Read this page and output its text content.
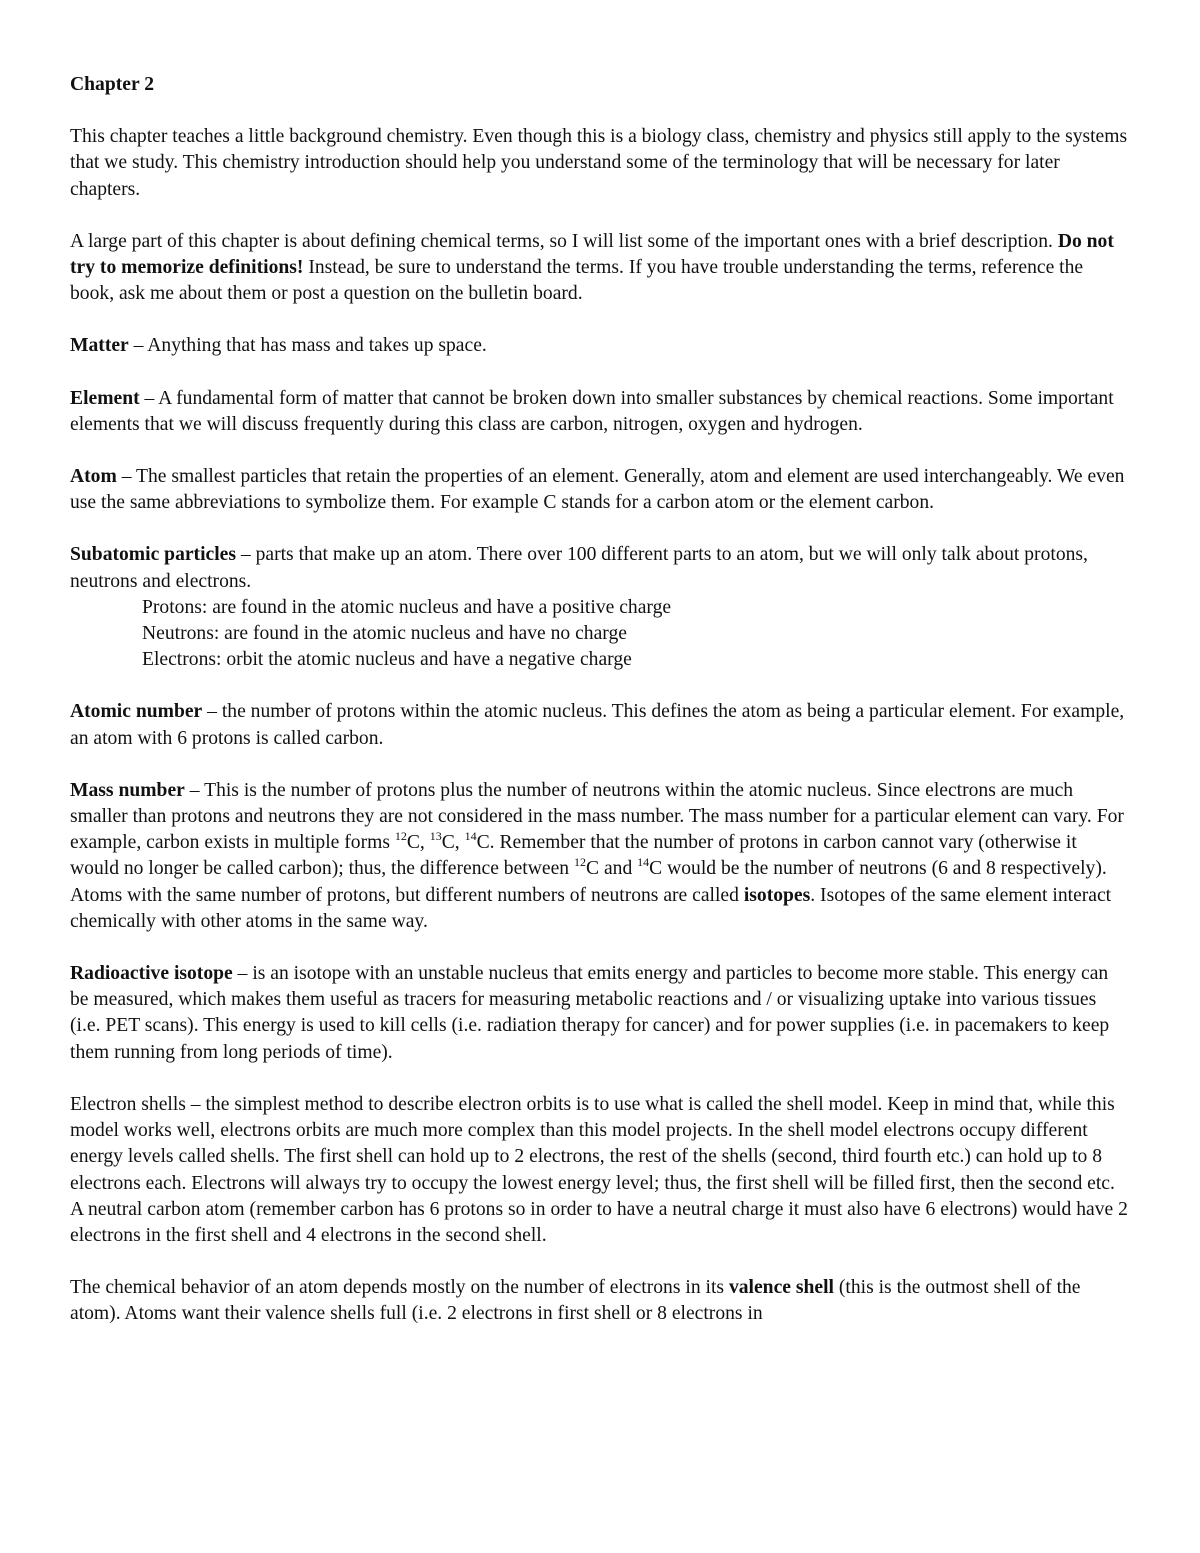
Chapter 2

This chapter teaches a little background chemistry. Even though this is a biology class, chemistry and physics still apply to the systems that we study. This chemistry introduction should help you understand some of the terminology that will be necessary for later chapters.

A large part of this chapter is about defining chemical terms, so I will list some of the important ones with a brief description. Do not try to memorize definitions! Instead, be sure to understand the terms. If you have trouble understanding the terms, reference the book, ask me about them or post a question on the bulletin board.

Matter – Anything that has mass and takes up space.

Element – A fundamental form of matter that cannot be broken down into smaller substances by chemical reactions. Some important elements that we will discuss frequently during this class are carbon, nitrogen, oxygen and hydrogen.

Atom – The smallest particles that retain the properties of an element. Generally, atom and element are used interchangeably. We even use the same abbreviations to symbolize them. For example C stands for a carbon atom or the element carbon.

Subatomic particles – parts that make up an atom. There over 100 different parts to an atom, but we will only talk about protons, neutrons and electrons.
Protons: are found in the atomic nucleus and have a positive charge
Neutrons: are found in the atomic nucleus and have no charge
Electrons: orbit the atomic nucleus and have a negative charge

Atomic number – the number of protons within the atomic nucleus. This defines the atom as being a particular element. For example, an atom with 6 protons is called carbon.

Mass number – This is the number of protons plus the number of neutrons within the atomic nucleus. Since electrons are much smaller than protons and neutrons they are not considered in the mass number. The mass number for a particular element can vary. For example, carbon exists in multiple forms $^{12}$C, $^{13}$C, $^{14}$C. Remember that the number of protons in carbon cannot vary (otherwise it would no longer be called carbon); thus, the difference between $^{12}$C and $^{14}$C would be the number of neutrons (6 and 8 respectively). Atoms with the same number of protons, but different numbers of neutrons are called isotopes. Isotopes of the same element interact chemically with other atoms in the same way.

Radioactive isotope – is an isotope with an unstable nucleus that emits energy and particles to become more stable. This energy can be measured, which makes them useful as tracers for measuring metabolic reactions and / or visualizing uptake into various tissues (i.e. PET scans). This energy is used to kill cells (i.e. radiation therapy for cancer) and for power supplies (i.e. in pacemakers to keep them running from long periods of time).

Electron shells – the simplest method to describe electron orbits is to use what is called the shell model. Keep in mind that, while this model works well, electrons orbits are much more complex than this model projects. In the shell model electrons occupy different energy levels called shells. The first shell can hold up to 2 electrons, the rest of the shells (second, third fourth etc.) can hold up to 8 electrons each. Electrons will always try to occupy the lowest energy level; thus, the first shell will be filled first, then the second etc. A neutral carbon atom (remember carbon has 6 protons so in order to have a neutral charge it must also have 6 electrons) would have 2 electrons in the first shell and 4 electrons in the second shell.

The chemical behavior of an atom depends mostly on the number of electrons in its valence shell (this is the outmost shell of the atom). Atoms want their valence shells full (i.e. 2 electrons in first shell or 8 electrons in
